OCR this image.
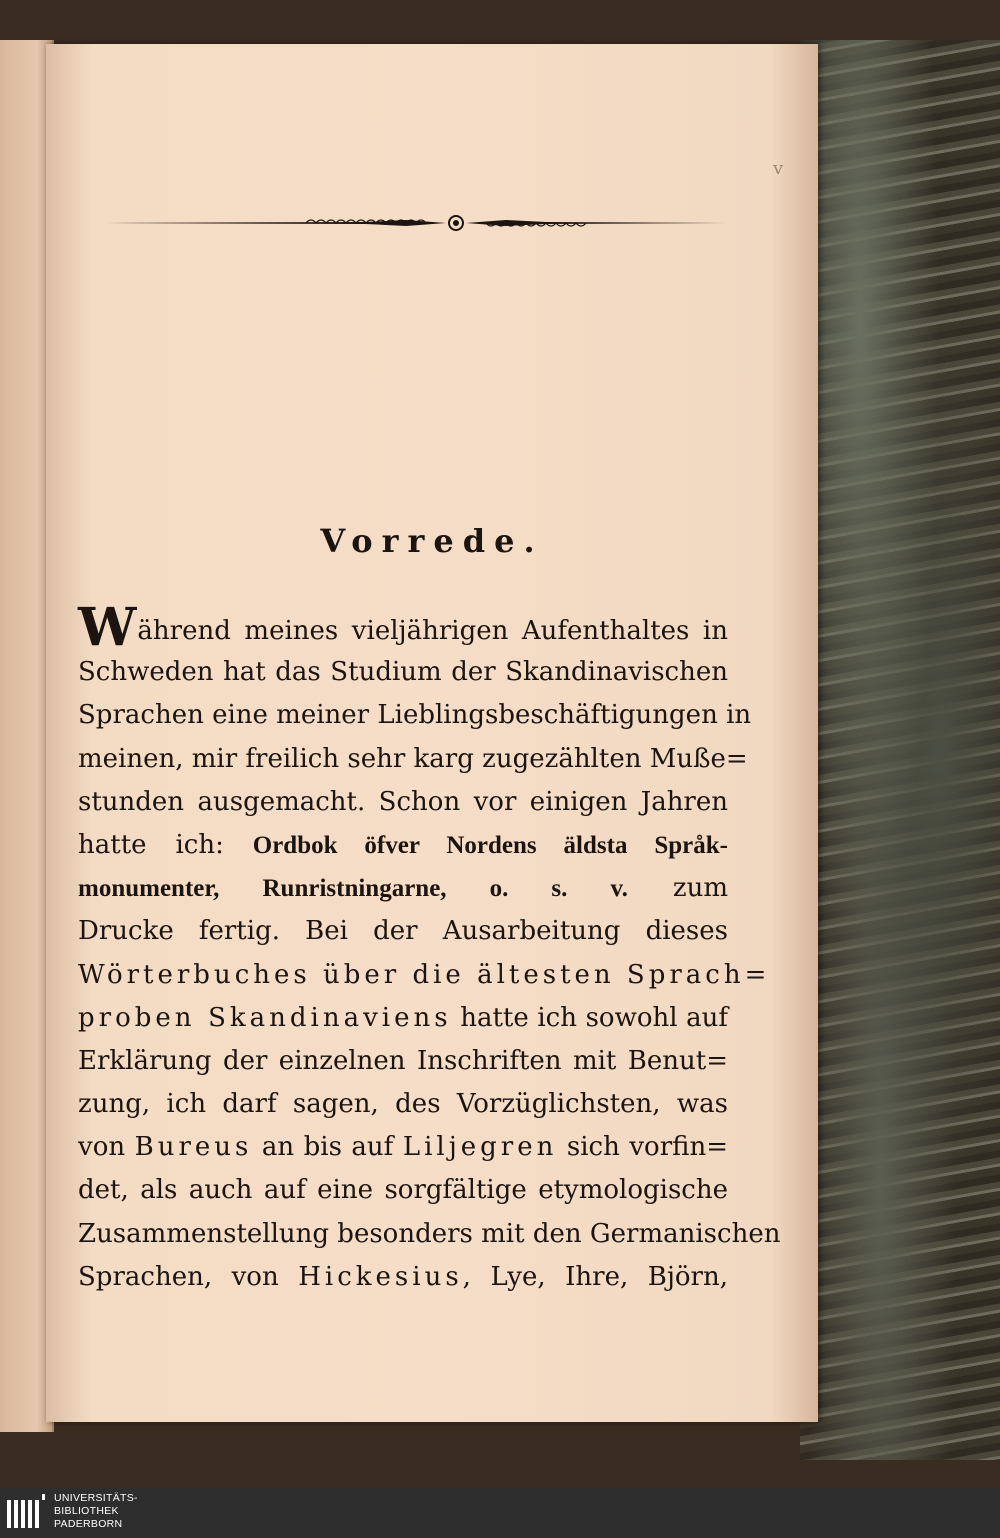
v
Vorrede.
Während meines vieljährigen Aufenthaltes in
Schweden hat das Studium der Skandinavischen
Sprachen eine meiner Lieblingsbeschäftigungen in
meinen, mir freilich sehr karg zugezählten Muße=
stunden ausgemacht. Schon vor einigen Jahren
hatte ich: Ordbok öfver Nordens äldsta Språk-
monumenter, Runristningarne, o. s. v. zum
Drucke fertig. Bei der Ausarbeitung dieses
Wörterbuches über die ältesten Sprach=
proben Skandinaviens hatte ich sowohl auf
Erklärung der einzelnen Inschriften mit Benut=
zung, ich darf sagen, des Vorzüglichsten, was
von Bureus an bis auf Liljegren sich vorfin=
det, als auch auf eine sorgfältige etymologische
Zusammenstellung besonders mit den Germanischen
Sprachen, von Hickesius, Lye, Ihre, Björn,
UNIVERSITÄTS-
BIBLIOTHEK
PADERBORN
